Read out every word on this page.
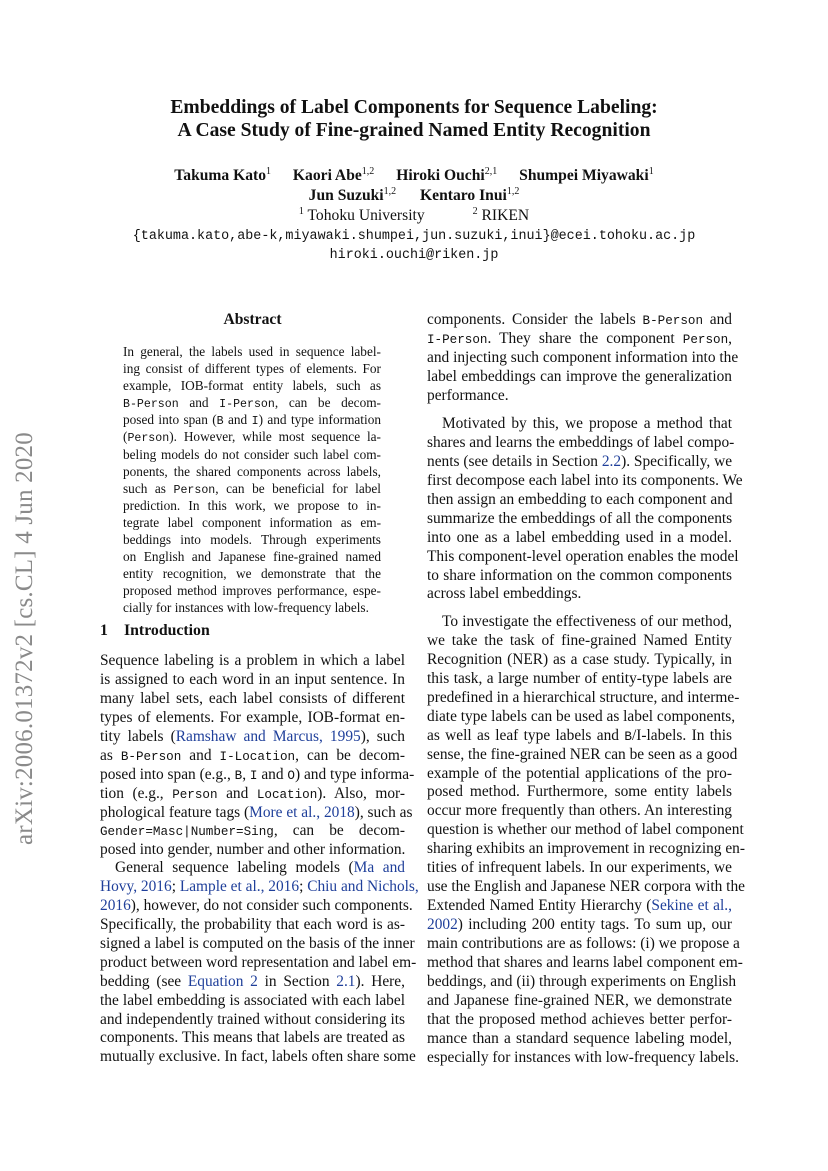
arXiv:2006.01372v2 [cs.CL] 4 Jun 2020
Embeddings of Label Components for Sequence Labeling:
A Case Study of Fine-grained Named Entity Recognition
Takuma Kato$^1$ Kaori Abe$^{1,2}$ Hiroki Ouchi$^{2,1}$ Shumpei Miyawaki$^1$
Jun Suzuki$^{1,2}$ Kentaro Inui$^{1,2}$
$^1$ Tohoku University	$^2$ RIKEN
{takuma.kato,abe-k,miyawaki.shumpei,jun.suzuki,inui}@ecei.tohoku.ac.jp
hiroki.ouchi@riken.jp
Abstract
In general, the labels used in sequence label-
ing consist of different types of elements. For
example, IOB-format entity labels, such as
B-Person and I-Person, can be decom-
posed into span (B and I) and type information
(Person). However, while most sequence la-
beling models do not consider such label com-
ponents, the shared components across labels,
such as Person, can be beneficial for label
prediction. In this work, we propose to in-
tegrate label component information as em-
beddings into models. Through experiments
on English and Japanese fine-grained named
entity recognition, we demonstrate that the
proposed method improves performance, espe-
cially for instances with low-frequency labels.
1 Introduction
Sequence labeling is a problem in which a label
is assigned to each word in an input sentence. In
many label sets, each label consists of different
types of elements. For example, IOB-format en-
tity labels (Ramshaw and Marcus, 1995), such
as B-Person and I-Location, can be decom-
posed into span (e.g., B, I and O) and type informa-
tion (e.g., Person and Location). Also, mor-
phological feature tags (More et al., 2018), such as
Gender=Masc|Number=Sing, can be decom-
posed into gender, number and other information.
General sequence labeling models (Ma and
Hovy, 2016; Lample et al., 2016; Chiu and Nichols,
2016), however, do not consider such components.
Specifically, the probability that each word is as-
signed a label is computed on the basis of the inner
product between word representation and label em-
bedding (see Equation 2 in Section 2.1). Here,
the label embedding is associated with each label
and independently trained without considering its
components. This means that labels are treated as
mutually exclusive. In fact, labels often share some
components. Consider the labels B-Person and
I-Person. They share the component Person,
and injecting such component information into the
label embeddings can improve the generalization
performance.
Motivated by this, we propose a method that
shares and learns the embeddings of label compo-
nents (see details in Section 2.2). Specifically, we
first decompose each label into its components. We
then assign an embedding to each component and
summarize the embeddings of all the components
into one as a label embedding used in a model.
This component-level operation enables the model
to share information on the common components
across label embeddings.
To investigate the effectiveness of our method,
we take the task of fine-grained Named Entity
Recognition (NER) as a case study. Typically, in
this task, a large number of entity-type labels are
predefined in a hierarchical structure, and interme-
diate type labels can be used as label components,
as well as leaf type labels and B/I-labels. In this
sense, the fine-grained NER can be seen as a good
example of the potential applications of the pro-
posed method. Furthermore, some entity labels
occur more frequently than others. An interesting
question is whether our method of label component
sharing exhibits an improvement in recognizing en-
tities of infrequent labels. In our experiments, we
use the English and Japanese NER corpora with the
Extended Named Entity Hierarchy (Sekine et al.,
2002) including 200 entity tags. To sum up, our
main contributions are as follows: (i) we propose a
method that shares and learns label component em-
beddings, and (ii) through experiments on English
and Japanese fine-grained NER, we demonstrate
that the proposed method achieves better perfor-
mance than a standard sequence labeling model,
especially for instances with low-frequency labels.
